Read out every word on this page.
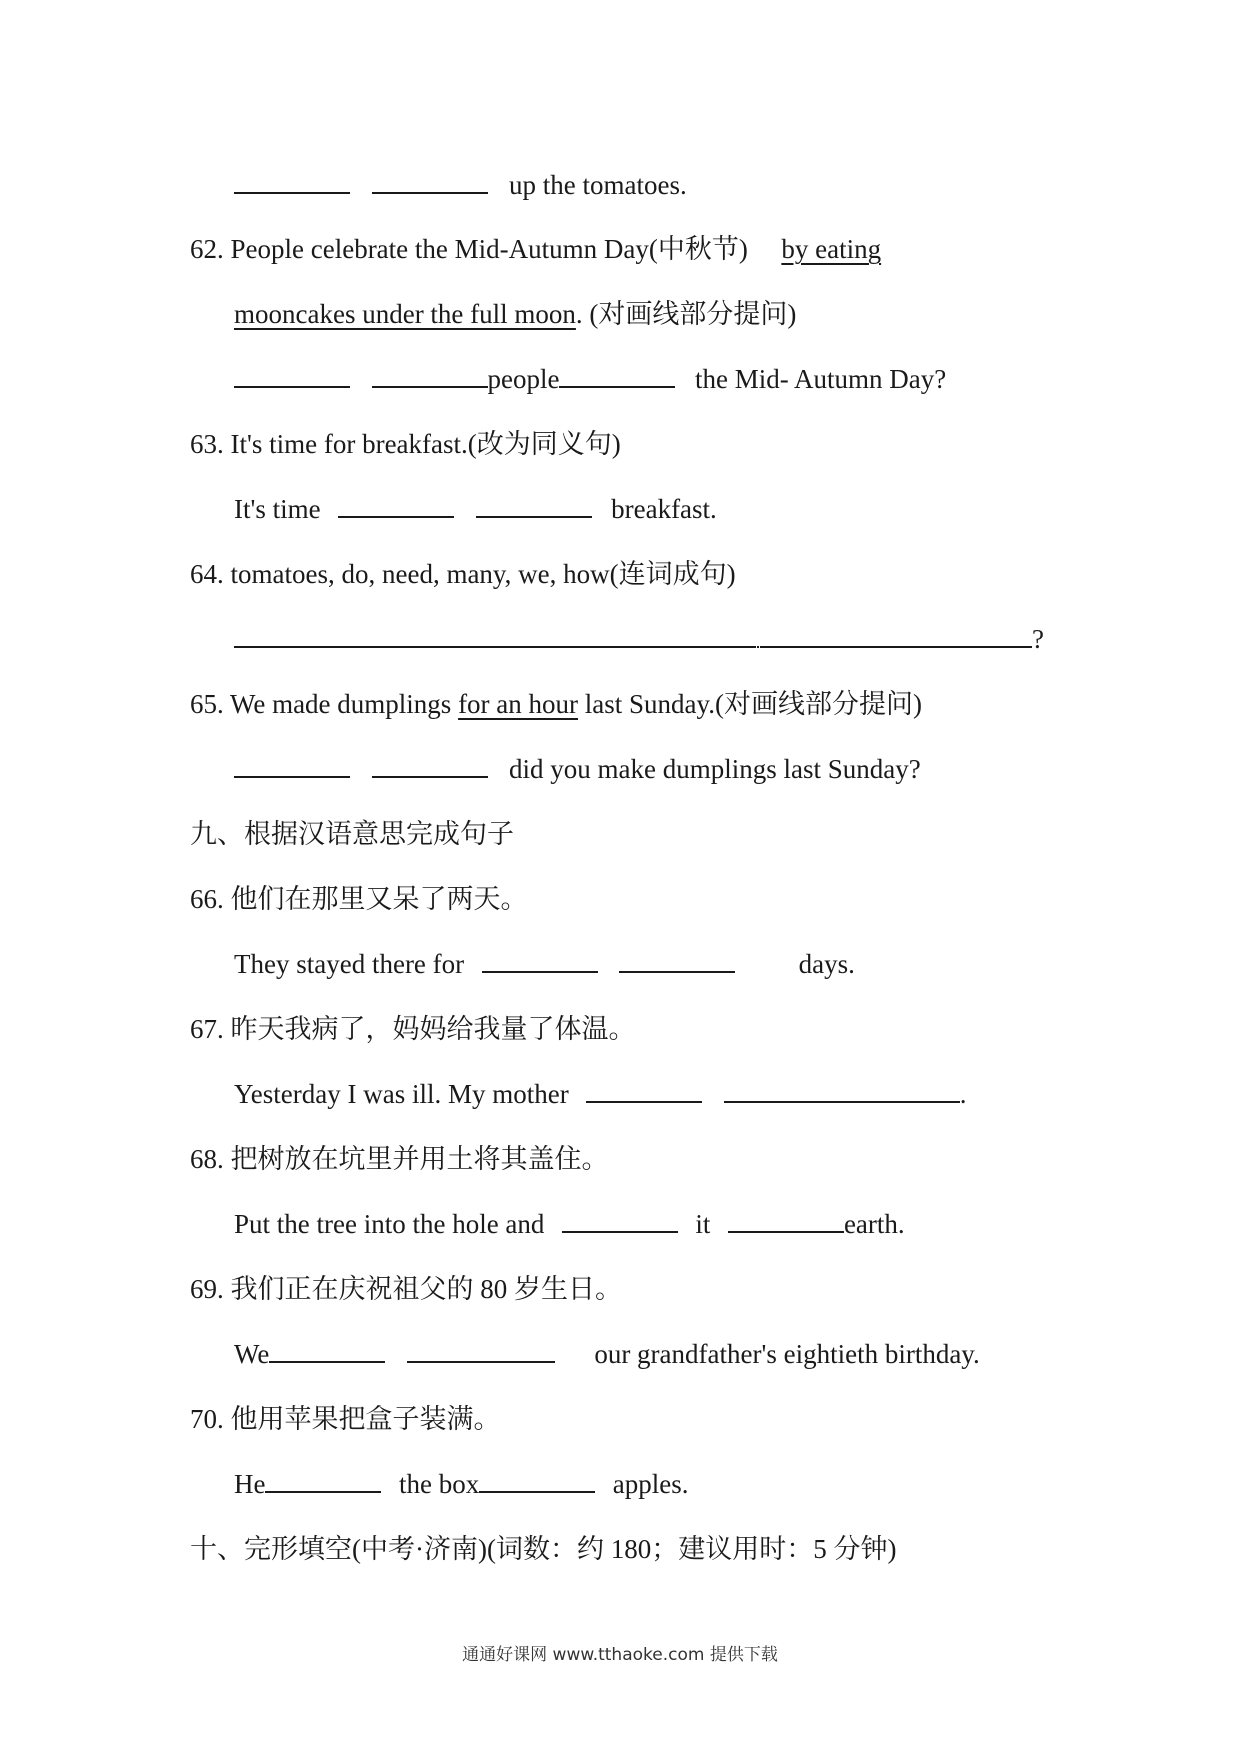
up the tomatoes.
62. People celebrate the Mid-Autumn Day(中秋节) by eating
mooncakes under the full moon. (对画线部分提问)
people	the Mid- Autumn Day?
63. It's time for breakfast.(改为同义句)
It's time	breakfast.
64. tomatoes, do, need, many, we, how(连词成句)
?
65. We made dumplings for an hour last Sunday.(对画线部分提问)
did you make dumplings last Sunday?
九、根据汉语意思完成句子
66. 他们在那里又呆了两天。
They stayed there for	days.
67. 昨天我病了，妈妈给我量了体温。
Yesterday I was ill. My mother	.
68. 把树放在坑里并用土将其盖住。
Put the tree into the hole and	it	earth.
69. 我们正在庆祝祖父的 80 岁生日。
We	our grandfather's eightieth birthday.
70. 他用苹果把盒子装满。
He	the box	apples.
十、完形填空(中考·济南)(词数：约 180；建议用时：5 分钟)
通通好课网 www.tthaoke.com 提供下载
